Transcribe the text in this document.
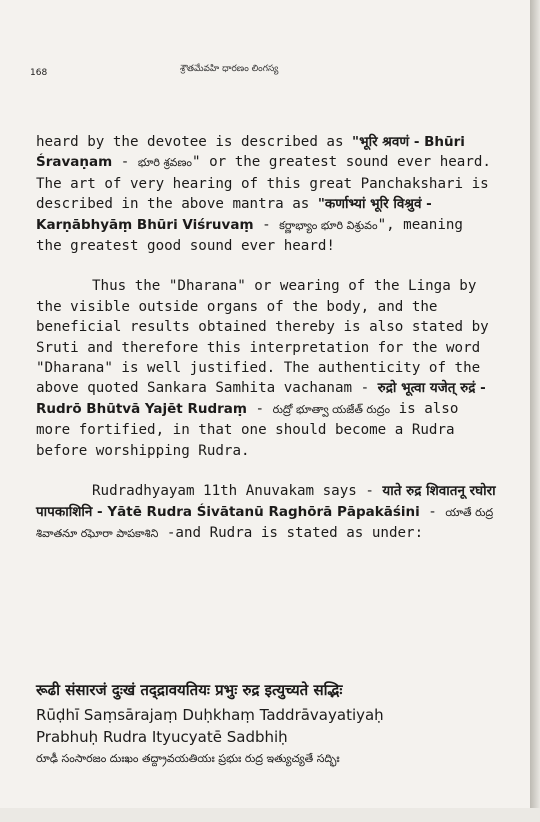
168	శ్రౌతమేవహి ధారణం లింగస్య

heard by the devotee is described as "भूरि श्रवणं - Bhūri Śravaṇam - భూరి శ్రవణం" or the greatest sound ever heard. The art of very hearing of this great Panchakshari is described in the above mantra as "कर्णाभ्यां भूरि विश्रुवं - Karṇābhyāṃ Bhūri Viśruvaṃ - కర్ణాభ్యాం భూరి విశ్రువం", meaning the greatest good sound ever heard!

Thus the "Dharana" or wearing of the Linga by the visible outside organs of the body, and the beneficial results obtained thereby is also stated by Sruti and therefore this interpretation for the word "Dharana" is well justified. The authenticity of the above quoted Sankara Samhita vachanam - रुद्रो भूत्वा यजेत् रुद्रं - Rudrō Bhūtvā Yajēt Rudraṃ - రుద్రో భూత్వా యజేత్ రుద్రం is also more fortified, in that one should become a Rudra before worshipping Rudra.

Rudradhyayam 11th Anuvakam says - याते रुद्र शिवातनू रघोरा पापकाशिनि - Yātē Rudra Śivātanū Raghōrā Pāpakāśini - యాతే రుద్ర శివాతనూ రఘోరా పాపకాశిని -and Rudra is stated as under:

रूढी संसारजं दुःखं तद्द्रावयतियः प्रभुः रुद्र इत्युच्यते सद्भिः
Rūḍhī Saṃsārajaṃ Duḥkhaṃ Taddrāvayatiyaḥ
Prabhuḥ Rudra Ityucyatē Sadbhiḥ
రూఢీ సంసారజం దుఃఖం తద్ద్రావయతియః ప్రభుః రుద్ర ఇత్యుచ్యతే సద్భిః
